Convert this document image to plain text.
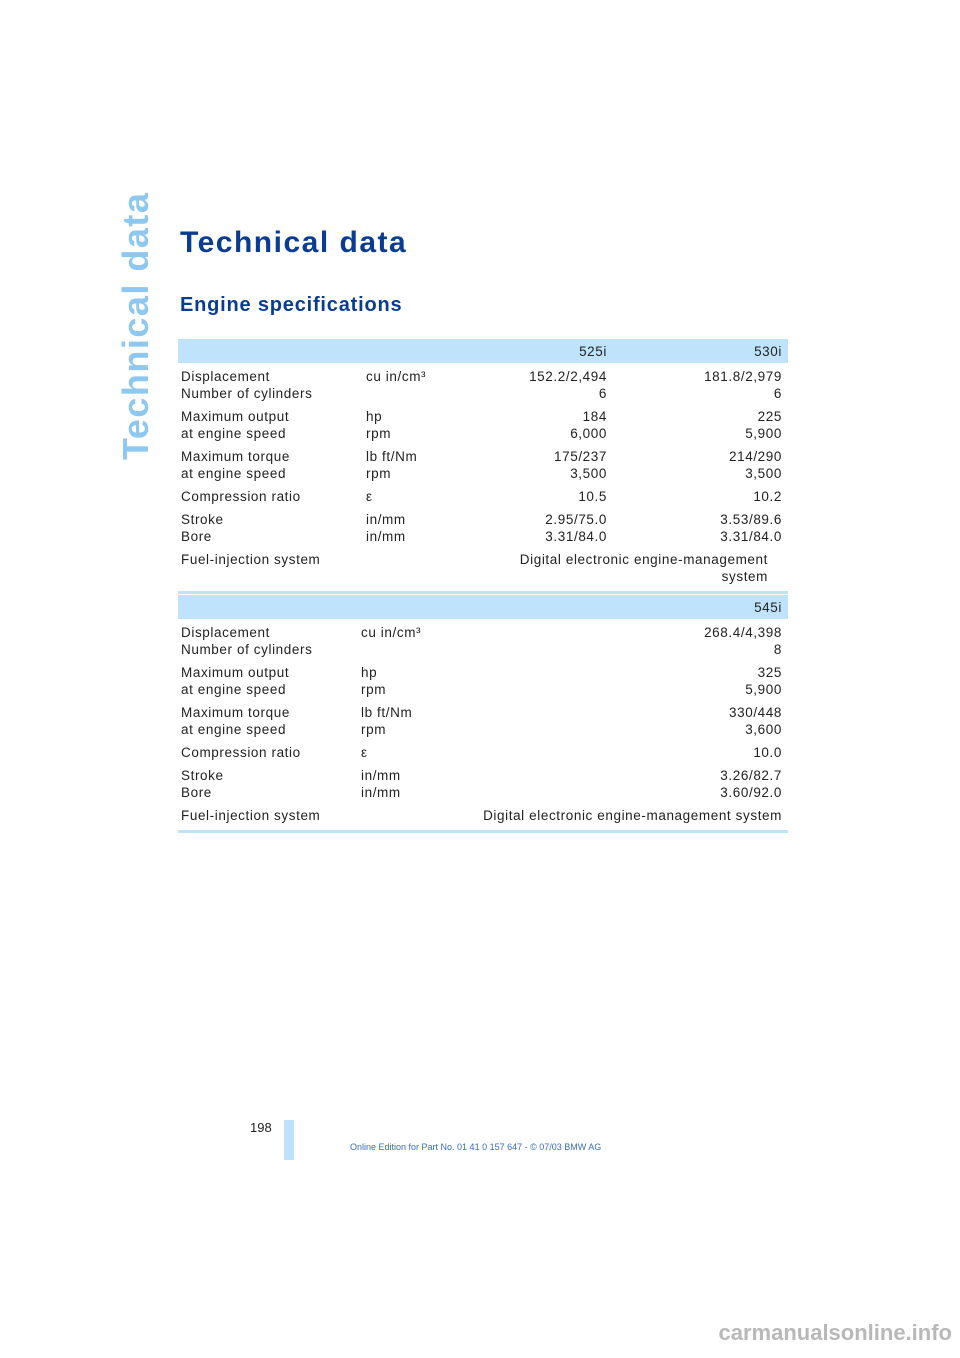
Technical data Technical data
Engine specifications
		525i	530i
Displacement	cu in/cm³	152.2/2,494	181.8/2,979
Number of cylinders		6	6
Maximum output	hp	184	225
at engine speed	rpm	6,000	5,900
Maximum torque	lb ft/Nm	175/237	214/290
at engine speed	rpm	3,500	3,500
Compression ratio	ε	10.5	10.2
Stroke	in/mm	2.95/75.0	3.53/89.6
Bore	in/mm	3.31/84.0	3.31/84.0
Fuel-injection system		Digital electronic engine-management system	
		545i
Displacement	cu in/cm³	268.4/4,398
Number of cylinders		8
Maximum output	hp	325
at engine speed	rpm	5,900
Maximum torque	lb ft/Nm	330/448
at engine speed	rpm	3,600
Compression ratio	ε	10.0
Stroke	in/mm	3.26/82.7
Bore	in/mm	3.60/92.0
Fuel-injection system		Digital electronic engine-management system
198
Online Edition for Part No. 01 41 0 157 647 - © 07/03 BMW AG
carmanualsonline.info
